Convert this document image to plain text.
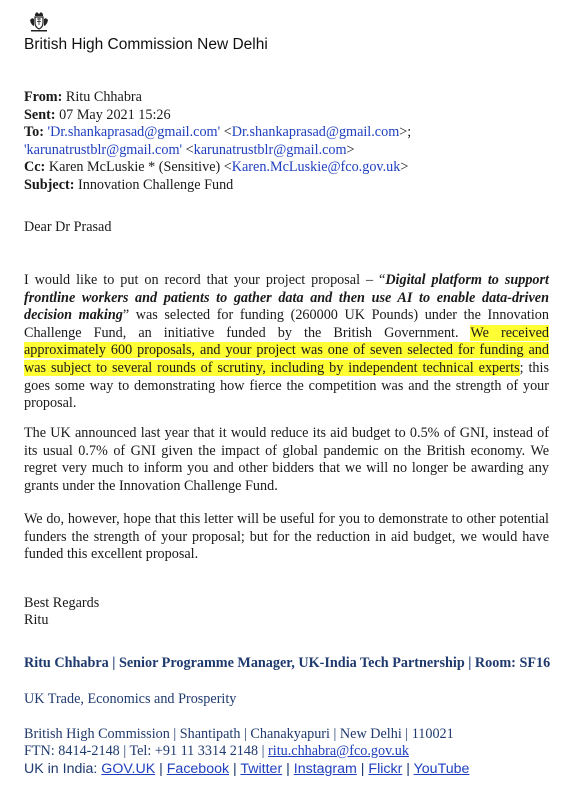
British High Commission New Delhi
From: Ritu Chhabra
Sent: 07 May 2021 15:26
To: 'Dr.shankaprasad@gmail.com' <Dr.shankaprasad@gmail.com>;
'karunatrustblr@gmail.com' <karunatrustblr@gmail.com>
Cc: Karen McLuskie * (Sensitive) <Karen.McLuskie@fco.gov.uk>
Subject: Innovation Challenge Fund
Dear Dr Prasad
I would like to put on record that your project proposal – “Digital platform to support frontline workers and patients to gather data and then use AI to enable data-driven decision making” was selected for funding (260000 UK Pounds) under the Innovation Challenge Fund, an initiative funded by the British Government. We received approximately 600 proposals, and your project was one of seven selected for funding and was subject to several rounds of scrutiny, including by independent technical experts; this goes some way to demonstrating how fierce the competition was and the strength of your proposal.
The UK announced last year that it would reduce its aid budget to 0.5% of GNI, instead of its usual 0.7% of GNI given the impact of global pandemic on the British economy. We regret very much to inform you and other bidders that we will no longer be awarding any grants under the Innovation Challenge Fund.
We do, however, hope that this letter will be useful for you to demonstrate to other potential funders the strength of your proposal; but for the reduction in aid budget, we would have funded this excellent proposal.
Best Regards
Ritu
Ritu Chhabra | Senior Programme Manager, UK-India Tech Partnership | Room: SF16
UK Trade, Economics and Prosperity
British High Commission | Shantipath | Chanakyapuri | New Delhi | 110021
FTN: 8414-2148 | Tel: +91 11 3314 2148 | ritu.chhabra@fco.gov.uk
UK in India: GOV.UK | Facebook | Twitter | Instagram | Flickr | YouTube
